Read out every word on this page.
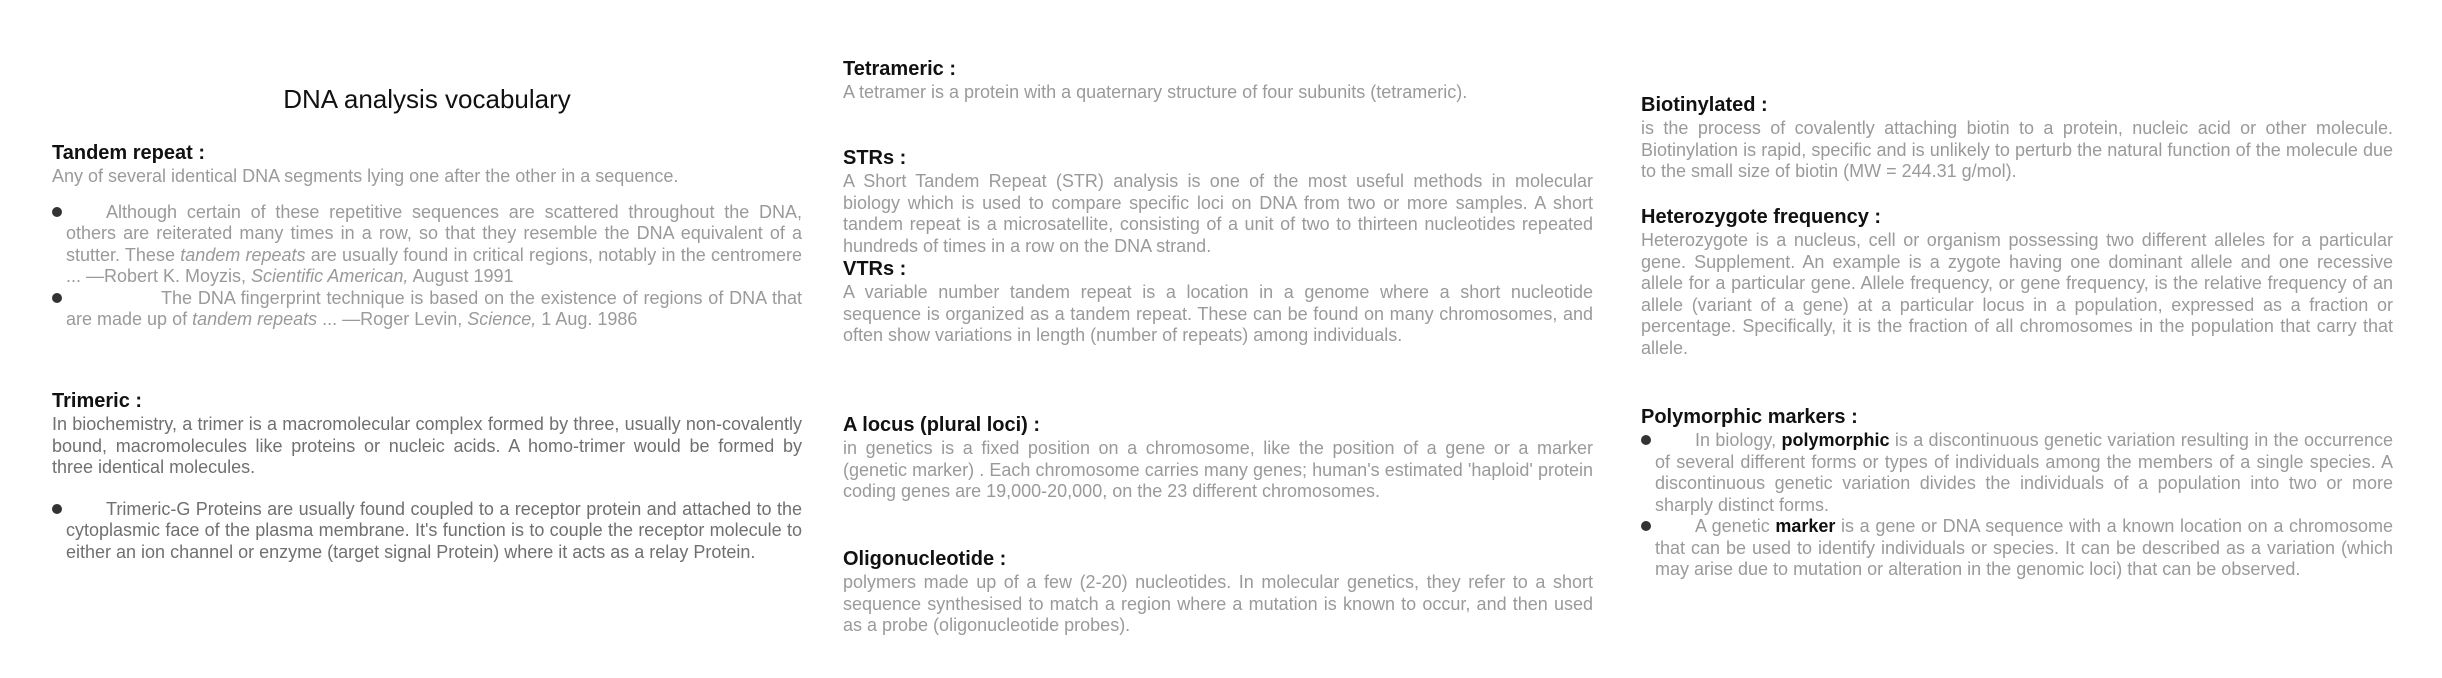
DNA analysis vocabulary
Tandem repeat :
Any of several identical DNA segments lying one after the other in a sequence.
Although certain of these repetitive sequences are scattered throughout the DNA, others are reiterated many times in a row, so that they resemble the DNA equivalent of a stutter. These tandem repeats are usually found in critical regions, notably in the centromere ... —Robert K. Moyzis, Scientific American, August 1991
The DNA fingerprint technique is based on the existence of regions of DNA that are made up of tandem repeats ... —Roger Levin, Science, 1 Aug. 1986
Trimeric :
In biochemistry, a trimer is a macromolecular complex formed by three, usually non-covalently bound, macromolecules like proteins or nucleic acids. A homo-trimer would be formed by three identical molecules.
Trimeric-G Proteins are usually found coupled to a receptor protein and attached to the cytoplasmic face of the plasma membrane. It's function is to couple the receptor molecule to either an ion channel or enzyme (target signal Protein) where it acts as a relay Protein.
Tetrameric :
A tetramer is a protein with a quaternary structure of four subunits (tetrameric).
STRs :
A Short Tandem Repeat (STR) analysis is one of the most useful methods in molecular biology which is used to compare specific loci on DNA from two or more samples. A short tandem repeat is a microsatellite, consisting of a unit of two to thirteen nucleotides repeated hundreds of times in a row on the DNA strand.
VTRs :
A variable number tandem repeat is a location in a genome where a short nucleotide sequence is organized as a tandem repeat. These can be found on many chromosomes, and often show variations in length (number of repeats) among individuals.
A locus (plural loci) :
in genetics is a fixed position on a chromosome, like the position of a gene or a marker (genetic marker) . Each chromosome carries many genes; human's estimated 'haploid' protein coding genes are 19,000-20,000, on the 23 different chromosomes.
Oligonucleotide :
polymers made up of a few (2-20) nucleotides. In molecular genetics, they refer to a short sequence synthesised to match a region where a mutation is known to occur, and then used as a probe (oligonucleotide probes).
Biotinylated :
is the process of covalently attaching biotin to a protein, nucleic acid or other molecule. Biotinylation is rapid, specific and is unlikely to perturb the natural function of the molecule due to the small size of biotin (MW = 244.31 g/mol).
Heterozygote frequency :
Heterozygote is a nucleus, cell or organism possessing two different alleles for a particular gene. Supplement. An example is a zygote having one dominant allele and one recessive allele for a particular gene. Allele frequency, or gene frequency, is the relative frequency of an allele (variant of a gene) at a particular locus in a population, expressed as a fraction or percentage. Specifically, it is the fraction of all chromosomes in the population that carry that allele.
Polymorphic markers :
In biology, polymorphic is a discontinuous genetic variation resulting in the occurrence of several different forms or types of individuals among the members of a single species. A discontinuous genetic variation divides the individuals of a population into two or more sharply distinct forms.
A genetic marker is a gene or DNA sequence with a known location on a chromosome that can be used to identify individuals or species. It can be described as a variation (which may arise due to mutation or alteration in the genomic loci) that can be observed.
